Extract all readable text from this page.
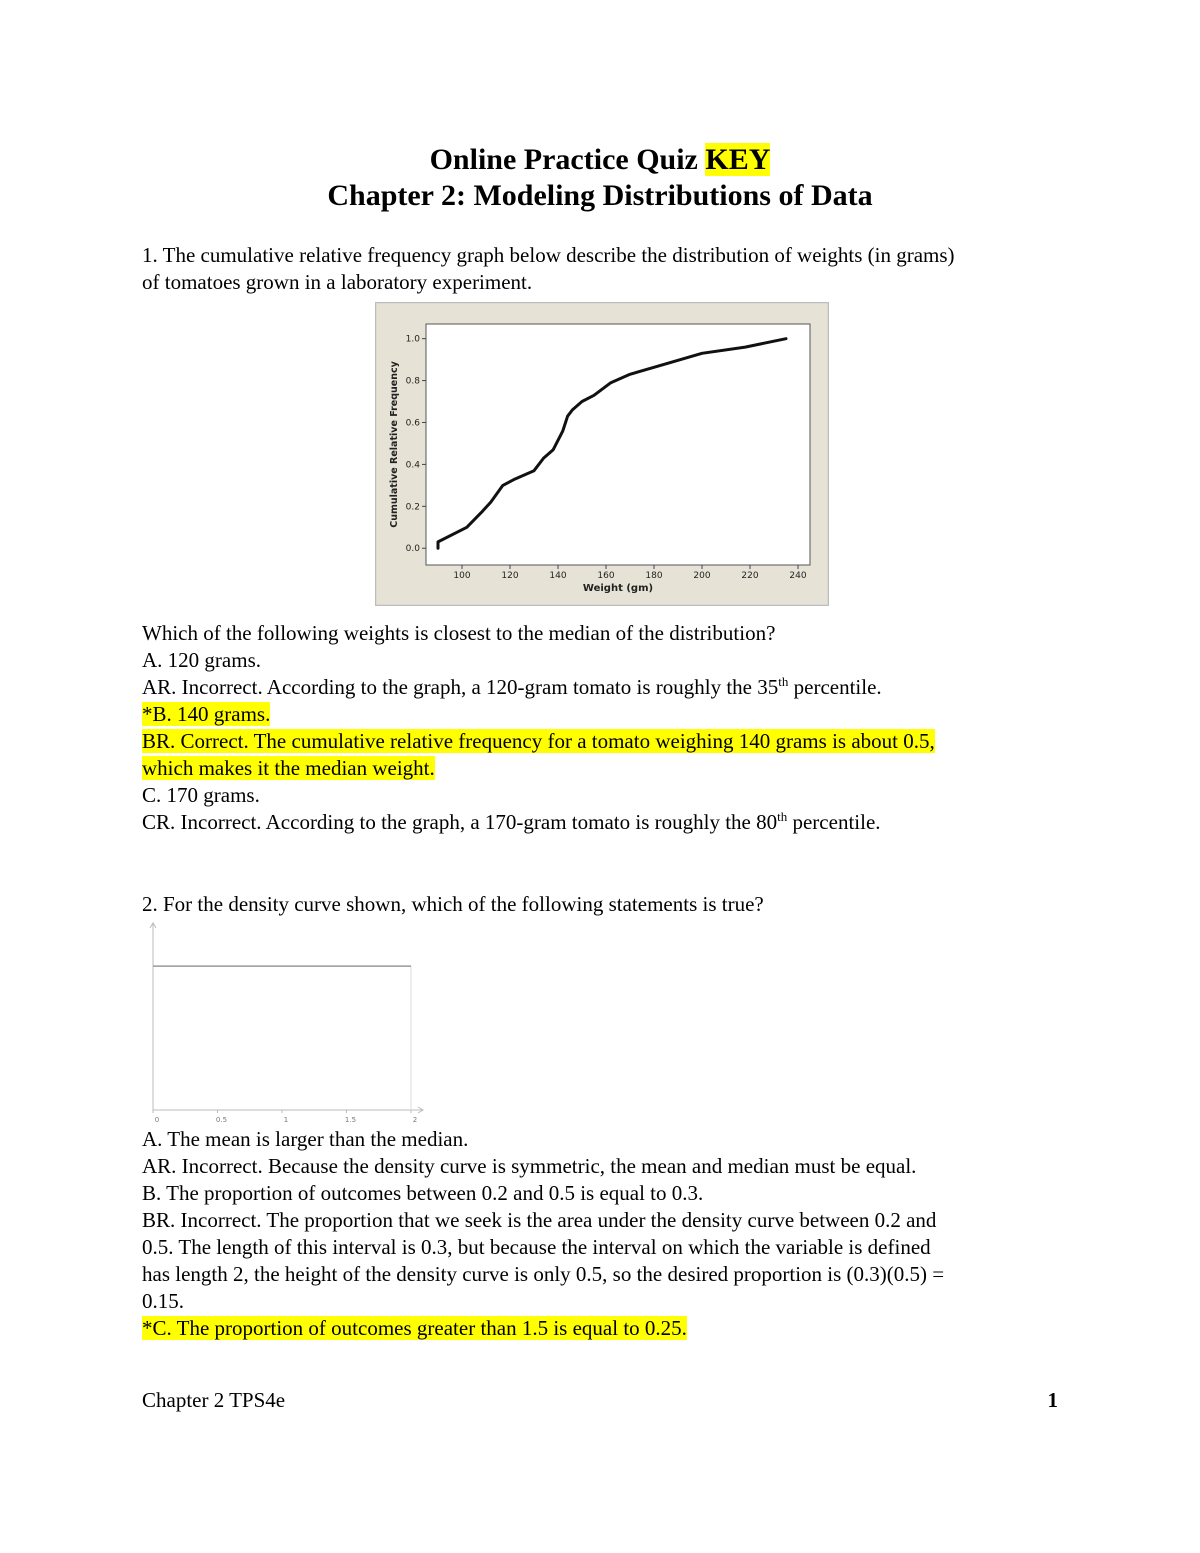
Online Practice Quiz KEY
Chapter 2: Modeling Distributions of Data

1. The cumulative relative frequency graph below describe the distribution of weights (in grams)

of tomatoes grown in a laboratory experiment.

100	120	140	160	180	200	220	240
0.0
0.2
0.4
0.6
0.8
1.0
Weight (gm)
Cumulative Relative Frequency

Which of the following weights is closest to the median of the distribution?

A. 120 grams.

AR. Incorrect. According to the graph, a 120-gram tomato is roughly the 35th percentile.

*B. 140 grams.

BR. Correct. The cumulative relative frequency for a tomato weighing 140 grams is about 0.5,

which makes it the median weight.

C. 170 grams.

CR. Incorrect. According to the graph, a 170-gram tomato is roughly the 80th percentile.

2. For the density curve shown, which of the following statements is true?

0	0.5	1	1.5	2

A. The mean is larger than the median.

AR. Incorrect. Because the density curve is symmetric, the mean and median must be equal.

B. The proportion of outcomes between 0.2 and 0.5 is equal to 0.3.

BR. Incorrect. The proportion that we seek is the area under the density curve between 0.2 and

0.5. The length of this interval is 0.3, but because the interval on which the variable is defined

has length 2, the height of the density curve is only 0.5, so the desired proportion is (0.3)(0.5) =

0.15.

*C. The proportion of outcomes greater than 1.5 is equal to 0.25.

Chapter 2 TPS4e	1
